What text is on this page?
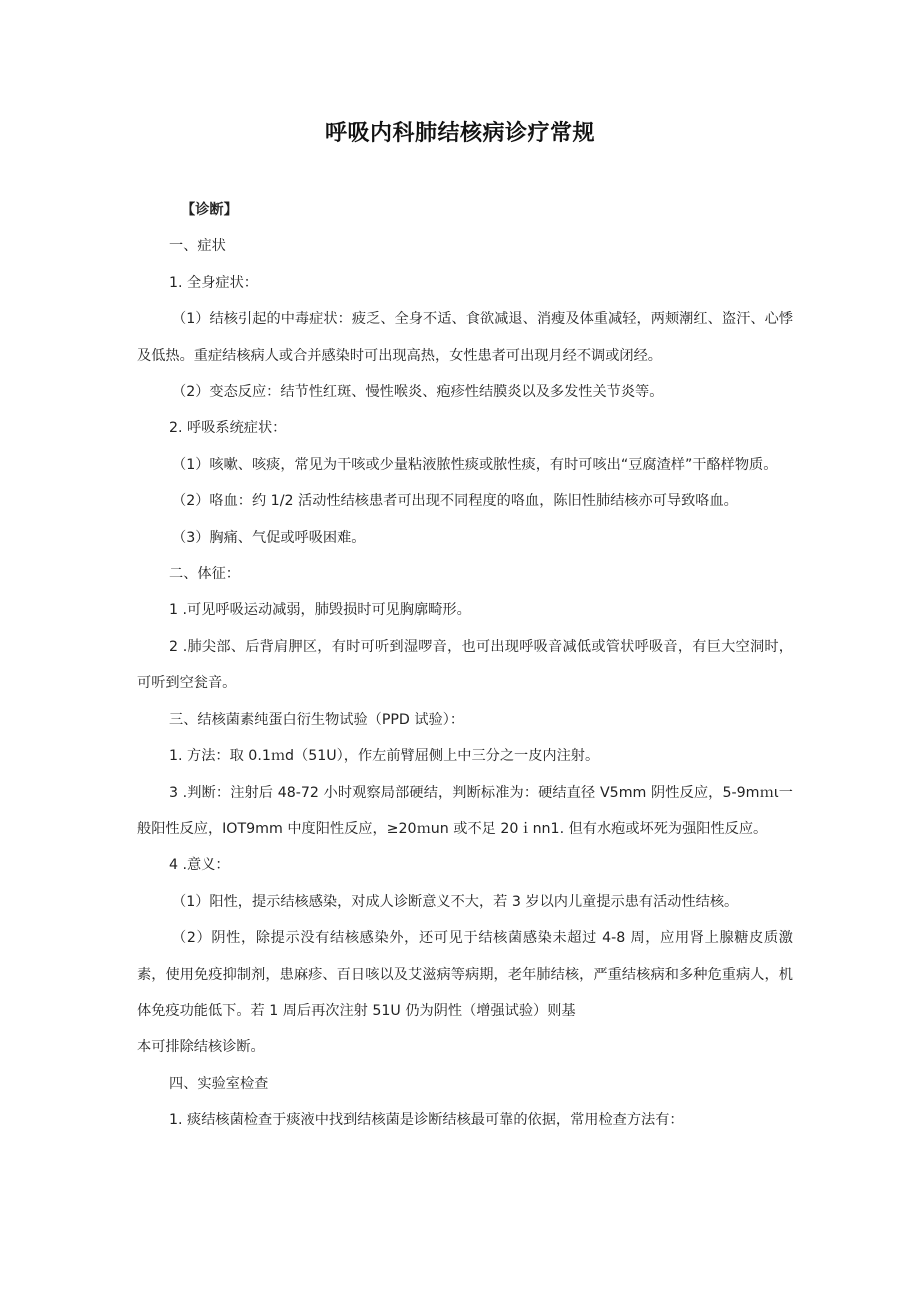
呼吸内科肺结核病诊疗常规

【诊断】

一、症状

1. 全身症状：

（1）结核引起的中毒症状：疲乏、全身不适、食欲减退、消瘦及体重减轻，两颊潮红、盗汗、心悸及低热。重症结核病人或合并感染时可出现高热，女性患者可出现月经不调或闭经。

（2）变态反应：结节性红斑、慢性喉炎、疱疹性结膜炎以及多发性关节炎等。

2. 呼吸系统症状：

（1）咳嗽、咳痰，常见为干咳或少量粘液脓性痰或脓性痰，有时可咳出“豆腐渣样”干酪样物质。

（2）咯血：约 1/2 活动性结核患者可出现不同程度的咯血，陈旧性肺结核亦可导致咯血。

（3）胸痛、气促或呼吸困难。

二、体征：

1 .可见呼吸运动减弱，肺毁损时可见胸廓畸形。

2 .肺尖部、后背肩胛区，有时可听到湿啰音，也可出现呼吸音减低或管状呼吸音，有巨大空洞时，可听到空瓮音。

三、结核菌素纯蛋白衍生物试验（PPD 试验）：

1. 方法：取 0.1ｍd（51U），作左前臂屈侧上中三分之一皮内注射。

3 .判断：注射后 48-72 小时观察局部硬结，判断标准为：硬结直径 V5mm 阴性反应，5-9mｍι一般阳性反应，IOT9mm 中度阳性反应，≥20ｍun 或不足 20ｉnn1. 但有水疱或坏死为强阳性反应。

4 .意义：

（1）阳性，提示结核感染，对成人诊断意义不大，若 3 岁以内儿童提示患有活动性结核。

（2）阴性，除提示没有结核感染外，还可见于结核菌感染未超过 4-8 周，应用肾上腺糖皮质激素，使用免疫抑制剂，患麻疹、百日咳以及艾滋病等病期，老年肺结核，严重结核病和多种危重病人，机体免疫功能低下。若 1 周后再次注射 51U 仍为阴性（增强试验）则基

本可排除结核诊断。

四、实验室检查

1. 痰结核菌检查于痰液中找到结核菌是诊断结核最可靠的依据，常用检查方法有：
